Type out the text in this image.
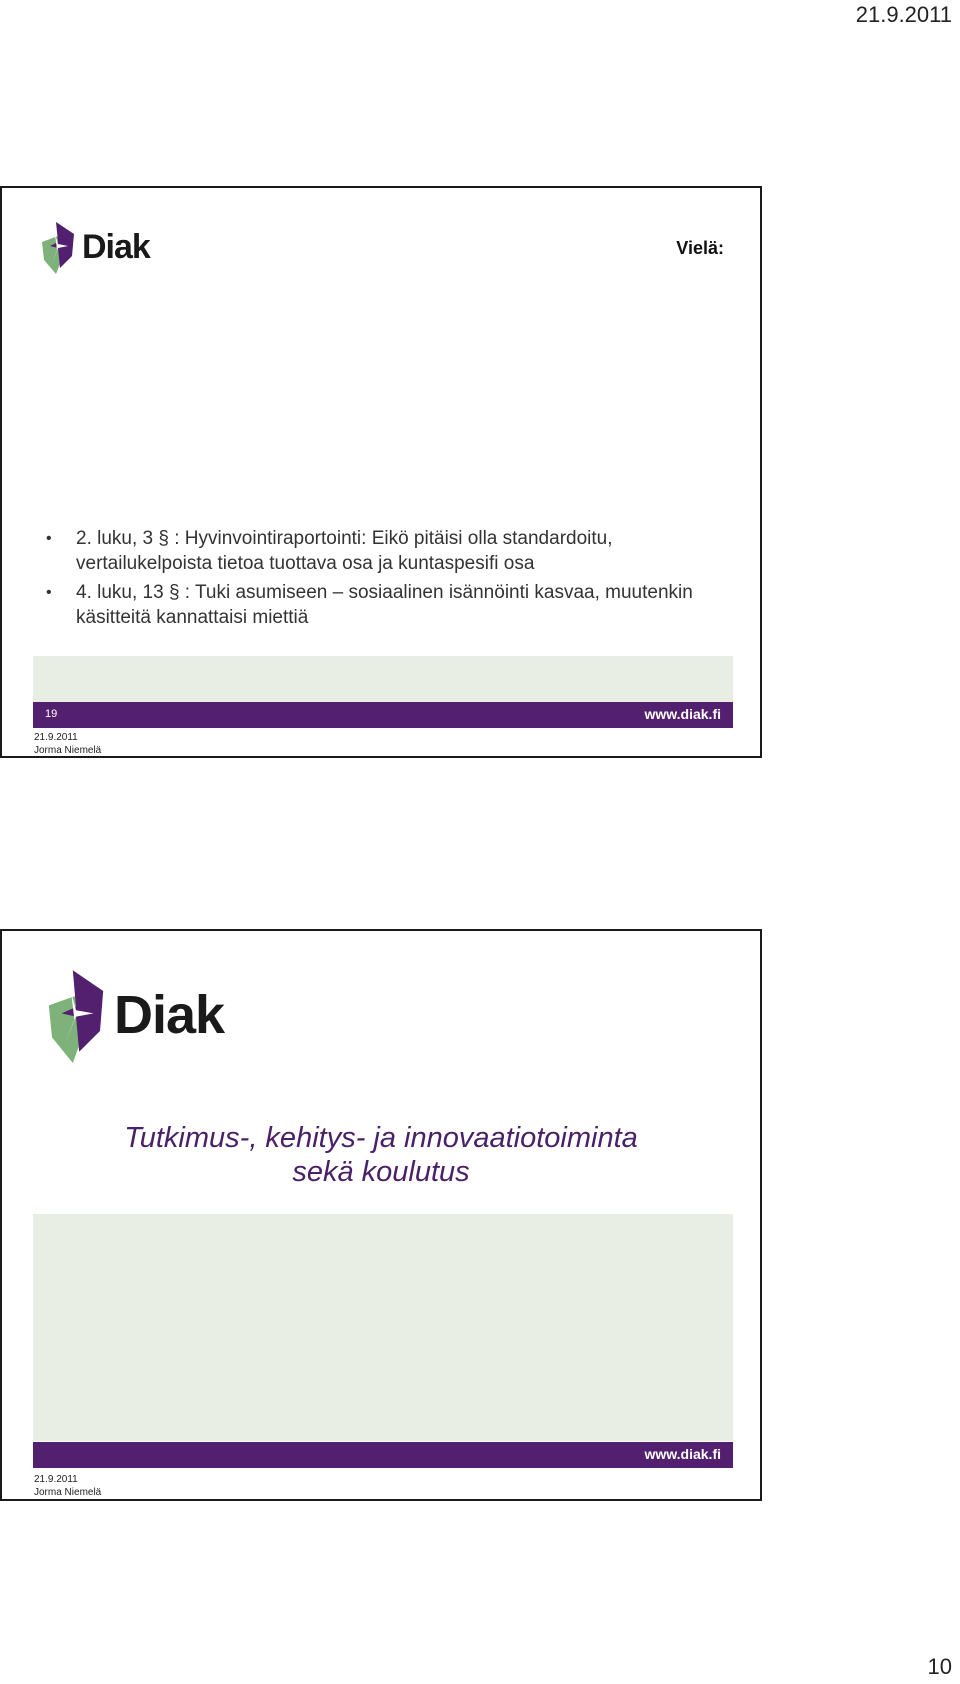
21.9.2011
Diak	Vielä:
• 2. luku, 3 § : Hyvinvointiraportointi: Eikö pitäisi olla standardoitu, vertailukelpoista tietoa tuottava osa ja kuntaspesifi osa
• 4. luku, 13 § : Tuki asumiseen – sosiaalinen isännöinti kasvaa, muutenkin käsitteitä kannattaisi miettiä
19	www.diak.fi
21.9.2011
Jorma Niemelä
Diak
Tutkimus-, kehitys- ja innovaatiotoiminta
sekä koulutus
www.diak.fi
21.9.2011
Jorma Niemelä
10
